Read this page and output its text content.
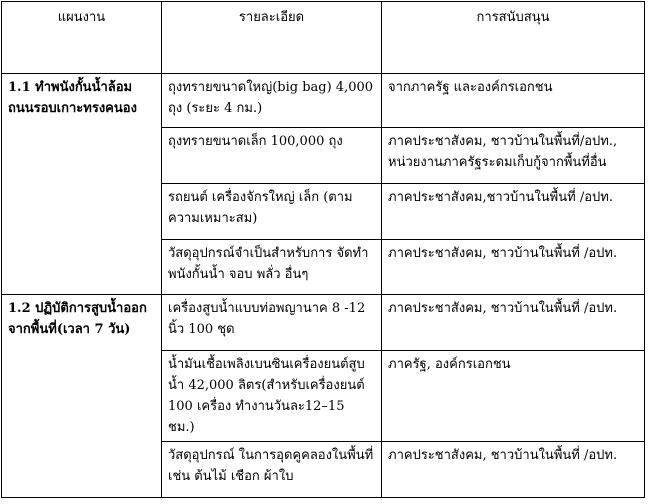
แผนงาน	รายละเอียด	การสนับสนุน
1.1 ทำพนังกั้นน้ำล้อมถนนรอบเกาะทรงคนอง	ถุงทรายขนาดใหญ่(big bag) 4,000 ถุง (ระยะ 4 กม.)	จากภาครัฐ และองค์กรเอกชน
	ถุงทรายขนาดเล็ก 100,000 ถุง	ภาคประชาสังคม, ชาวบ้านในพื้นที่/อปท., หน่วยงานภาครัฐระดมเก็บกู้จากพื้นที่อื่น
	รถยนต์ เครื่องจักรใหญ่ เล็ก (ตามความเหมาะสม)	ภาคประชาสังคม,ชาวบ้านในพื้นที่ /อปท.
	วัสดุอุปกรณ์จำเป็นสำหรับการ จัดทำพนังกั้นน้ำ จอบ พลั่ว อื่นๆ	ภาคประชาสังคม, ชาวบ้านในพื้นที่ /อปท.
1.2 ปฏิบัติการสูบน้ำออกจากพื้นที่(เวลา 7 วัน)	เครื่องสูบน้ำแบบท่อพญานาค 8 -12 นิ้ว 100 ชุด	ภาคประชาสังคม, ชาวบ้านในพื้นที่ /อปท.
	น้ำมันเชื้อเพลิงเบนซินเครื่องยนต์สูบน้ำ 42,000 ลิตร(สำหรับเครื่องยนต์ 100 เครื่อง ทำงานวันละ12–15 ชม.)	ภาครัฐ, องค์กรเอกชน
	วัสดุอุปกรณ์ ในการอุดคูคลองในพื้นที่ เช่น ต้นไม้ เชือก ผ้าใบ	ภาคประชาสังคม, ชาวบ้านในพื้นที่ /อปท.
